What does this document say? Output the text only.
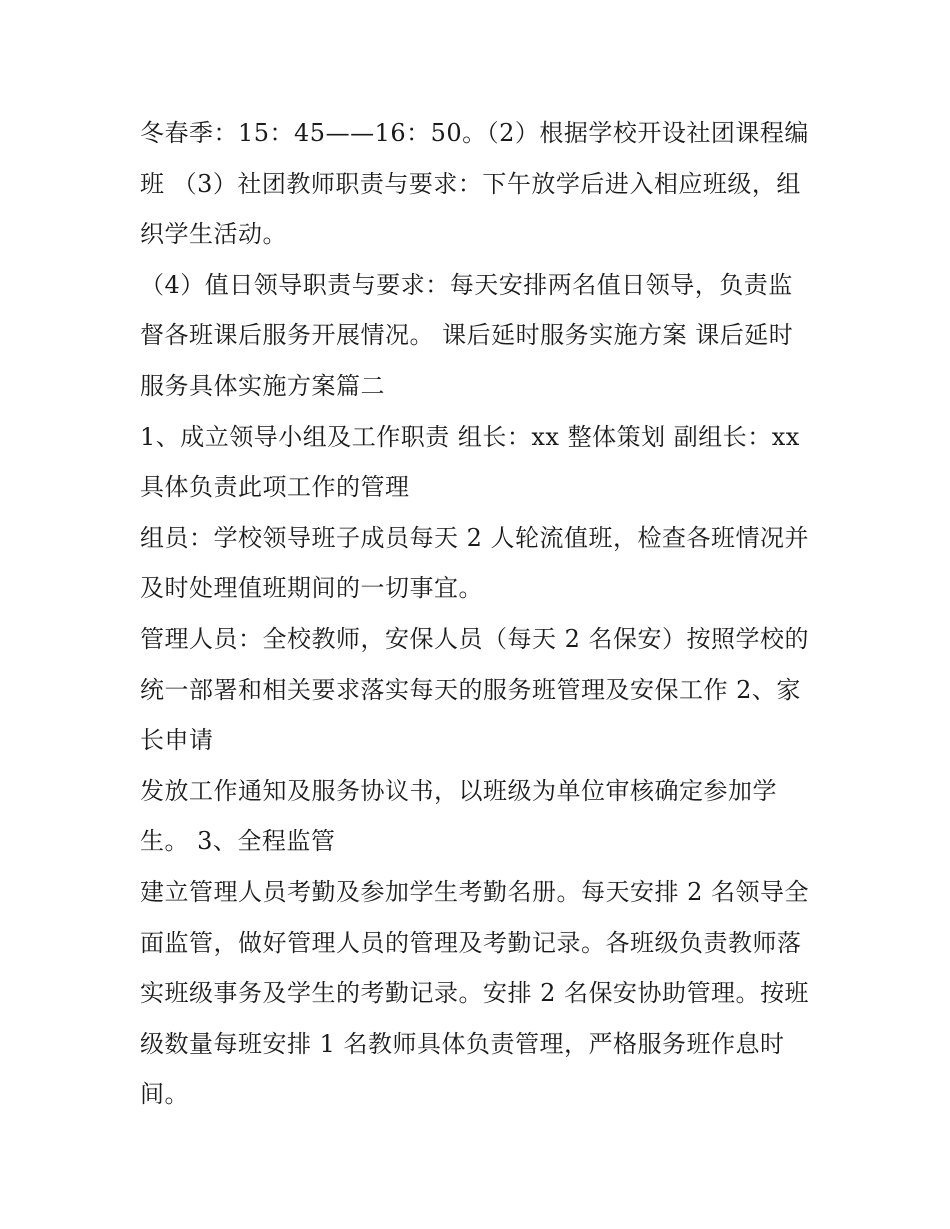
冬春季：15：45——16：50。（2）根据学校开设社团课程编
班 （3）社团教师职责与要求：下午放学后进入相应班级，组
织学生活动。
（4）值日领导职责与要求：每天安排两名值日领导，负责监
督各班课后服务开展情况。 课后延时服务实施方案 课后延时
服务具体实施方案篇二
1、成立领导小组及工作职责 组长：xx 整体策划 副组长：xx
具体负责此项工作的管理
组员：学校领导班子成员每天 2 人轮流值班，检查各班情况并
及时处理值班期间的一切事宜。
管理人员：全校教师，安保人员（每天 2 名保安）按照学校的
统一部署和相关要求落实每天的服务班管理及安保工作 2、家
长申请
发放工作通知及服务协议书，以班级为单位审核确定参加学
生。 3、全程监管
建立管理人员考勤及参加学生考勤名册。每天安排 2 名领导全
面监管，做好管理人员的管理及考勤记录。各班级负责教师落
实班级事务及学生的考勤记录。安排 2 名保安协助管理。按班
级数量每班安排 1 名教师具体负责管理，严格服务班作息时
间。
